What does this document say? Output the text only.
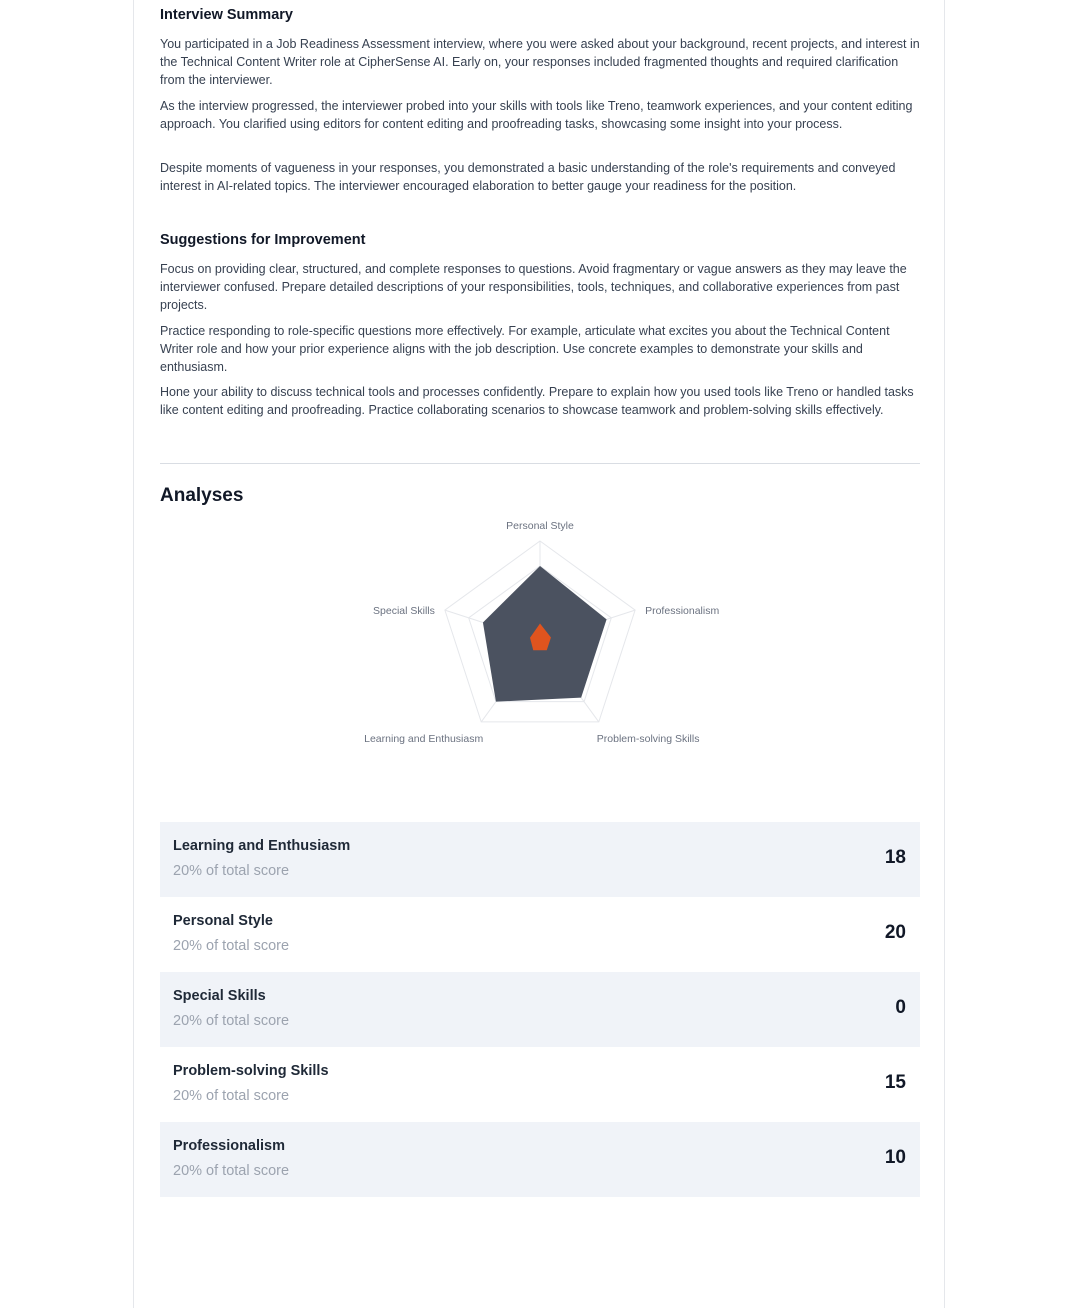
Interview Summary

You participated in a Job Readiness Assessment interview, where you were asked about your background, recent projects, and interest in the Technical Content Writer role at CipherSense AI. Early on, your responses included fragmented thoughts and required clarification from the interviewer.

As the interview progressed, the interviewer probed into your skills with tools like Treno, teamwork experiences, and your content editing approach. You clarified using editors for content editing and proofreading tasks, showcasing some insight into your process.

Despite moments of vagueness in your responses, you demonstrated a basic understanding of the role's requirements and conveyed interest in AI-related topics. The interviewer encouraged elaboration to better gauge your readiness for the position.

Suggestions for Improvement

Focus on providing clear, structured, and complete responses to questions. Avoid fragmentary or vague answers as they may leave the interviewer confused. Prepare detailed descriptions of your responsibilities, tools, techniques, and collaborative experiences from past projects.

Practice responding to role-specific questions more effectively. For example, articulate what excites you about the Technical Content Writer role and how your prior experience aligns with the job description. Use concrete examples to demonstrate your skills and enthusiasm.

Hone your ability to discuss technical tools and processes confidently. Prepare to explain how you used tools like Treno or handled tasks like content editing and proofreading. Practice collaborating scenarios to showcase teamwork and problem-solving skills effectively.

Analyses
Personal Style
Professionalism
Problem-solving Skills
Learning and Enthusiasm
Special Skills
Learning and Enthusiasm
20% of total score
18
Personal Style
20% of total score
20
Special Skills
20% of total score
0
Problem-solving Skills
20% of total score
15
Professionalism
20% of total score
10
